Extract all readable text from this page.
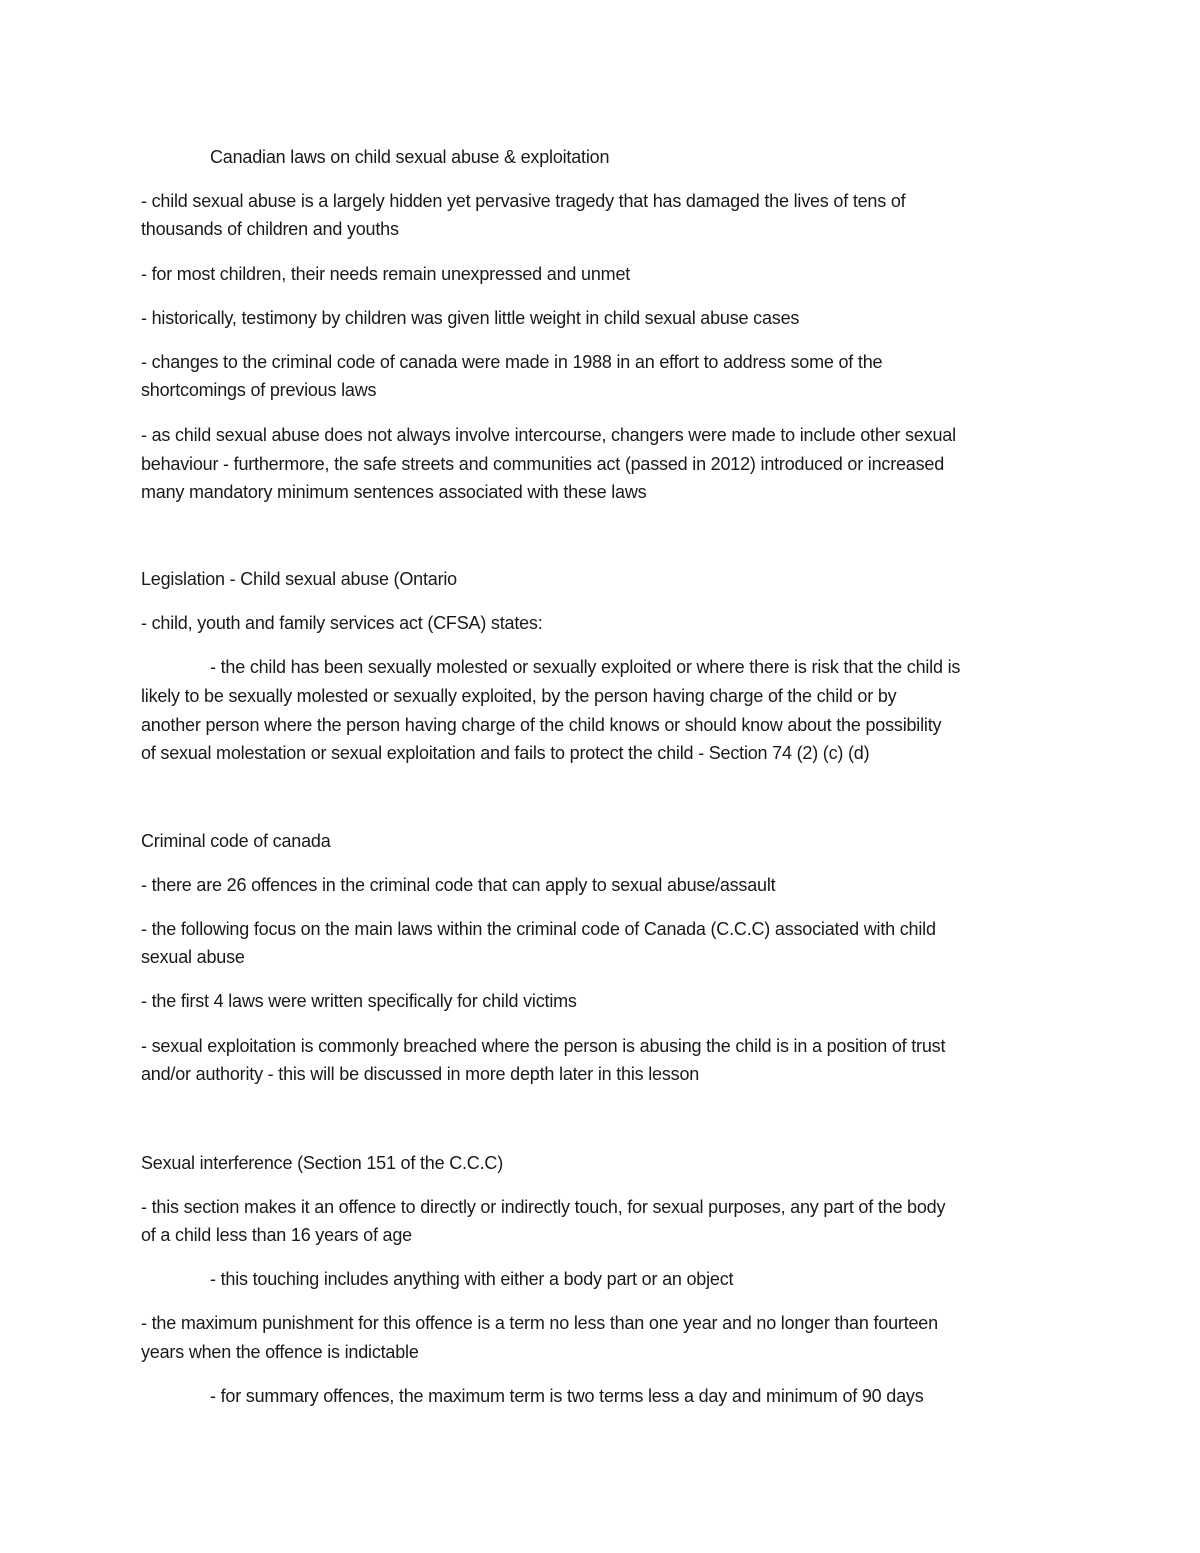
Canadian laws on child sexual abuse & exploitation
- child sexual abuse is a largely hidden yet pervasive tragedy that has damaged the lives of tens of
thousands of children and youths
- for most children, their needs remain unexpressed and unmet
- historically, testimony by children was given little weight in child sexual abuse cases
- changes to the criminal code of canada were made in 1988 in an effort to address some of the
shortcomings of previous laws
- as child sexual abuse does not always involve intercourse, changers were made to include other sexual
behaviour - furthermore, the safe streets and communities act (passed in 2012) introduced or increased
many mandatory minimum sentences associated with these laws
Legislation - Child sexual abuse (Ontario
- child, youth and family services act (CFSA) states:
- the child has been sexually molested or sexually exploited or where there is risk that the child is
likely to be sexually molested or sexually exploited, by the person having charge of the child or by
another person where the person having charge of the child knows or should know about the possibility
of sexual molestation or sexual exploitation and fails to protect the child - Section 74 (2) (c) (d)
Criminal code of canada
- there are 26 offences in the criminal code that can apply to sexual abuse/assault
- the following focus on the main laws within the criminal code of Canada (C.C.C) associated with child
sexual abuse
- the first 4 laws were written specifically for child victims
- sexual exploitation is commonly breached where the person is abusing the child is in a position of trust
and/or authority - this will be discussed in more depth later in this lesson
Sexual interference (Section 151 of the C.C.C)
- this section makes it an offence to directly or indirectly touch, for sexual purposes, any part of the body
of a child less than 16 years of age
- this touching includes anything with either a body part or an object
- the maximum punishment for this offence is a term no less than one year and no longer than fourteen
years when the offence is indictable
- for summary offences, the maximum term is two terms less a day and minimum of 90 days
